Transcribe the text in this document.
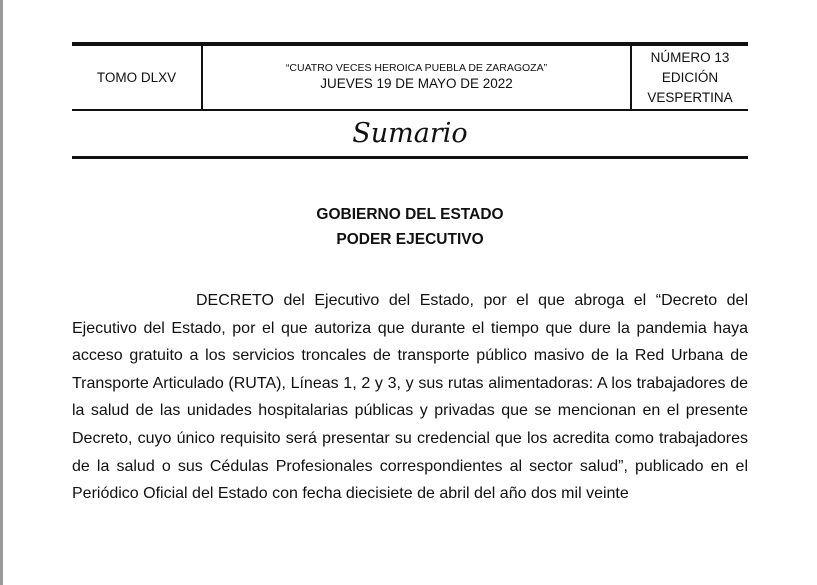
TOMO DLXV
“CUATRO VECES HEROICA PUEBLA DE ZARAGOZA”
JUEVES 19 DE MAYO DE 2022
NÚMERO 13
EDICIÓN
VESPERTINA
Sumario
GOBIERNO DEL ESTADO
PODER EJECUTIVO

DECRETO del Ejecutivo del Estado, por el que abroga el “Decreto del Ejecutivo del Estado, por el que autoriza que durante el tiempo que dure la pandemia haya acceso gratuito a los servicios troncales de transporte público masivo de la Red Urbana de Transporte Articulado (RUTA), Líneas 1, 2 y 3, y sus rutas alimentadoras: A los trabajadores de la salud de las unidades hospitalarias públicas y privadas que se mencionan en el presente Decreto, cuyo único requisito será presentar su credencial que los acredita como trabajadores de la salud o sus Cédulas Profesionales correspondientes al sector salud”, publicado en el Periódico Oficial del Estado con fecha diecisiete de abril del año dos mil veinte
